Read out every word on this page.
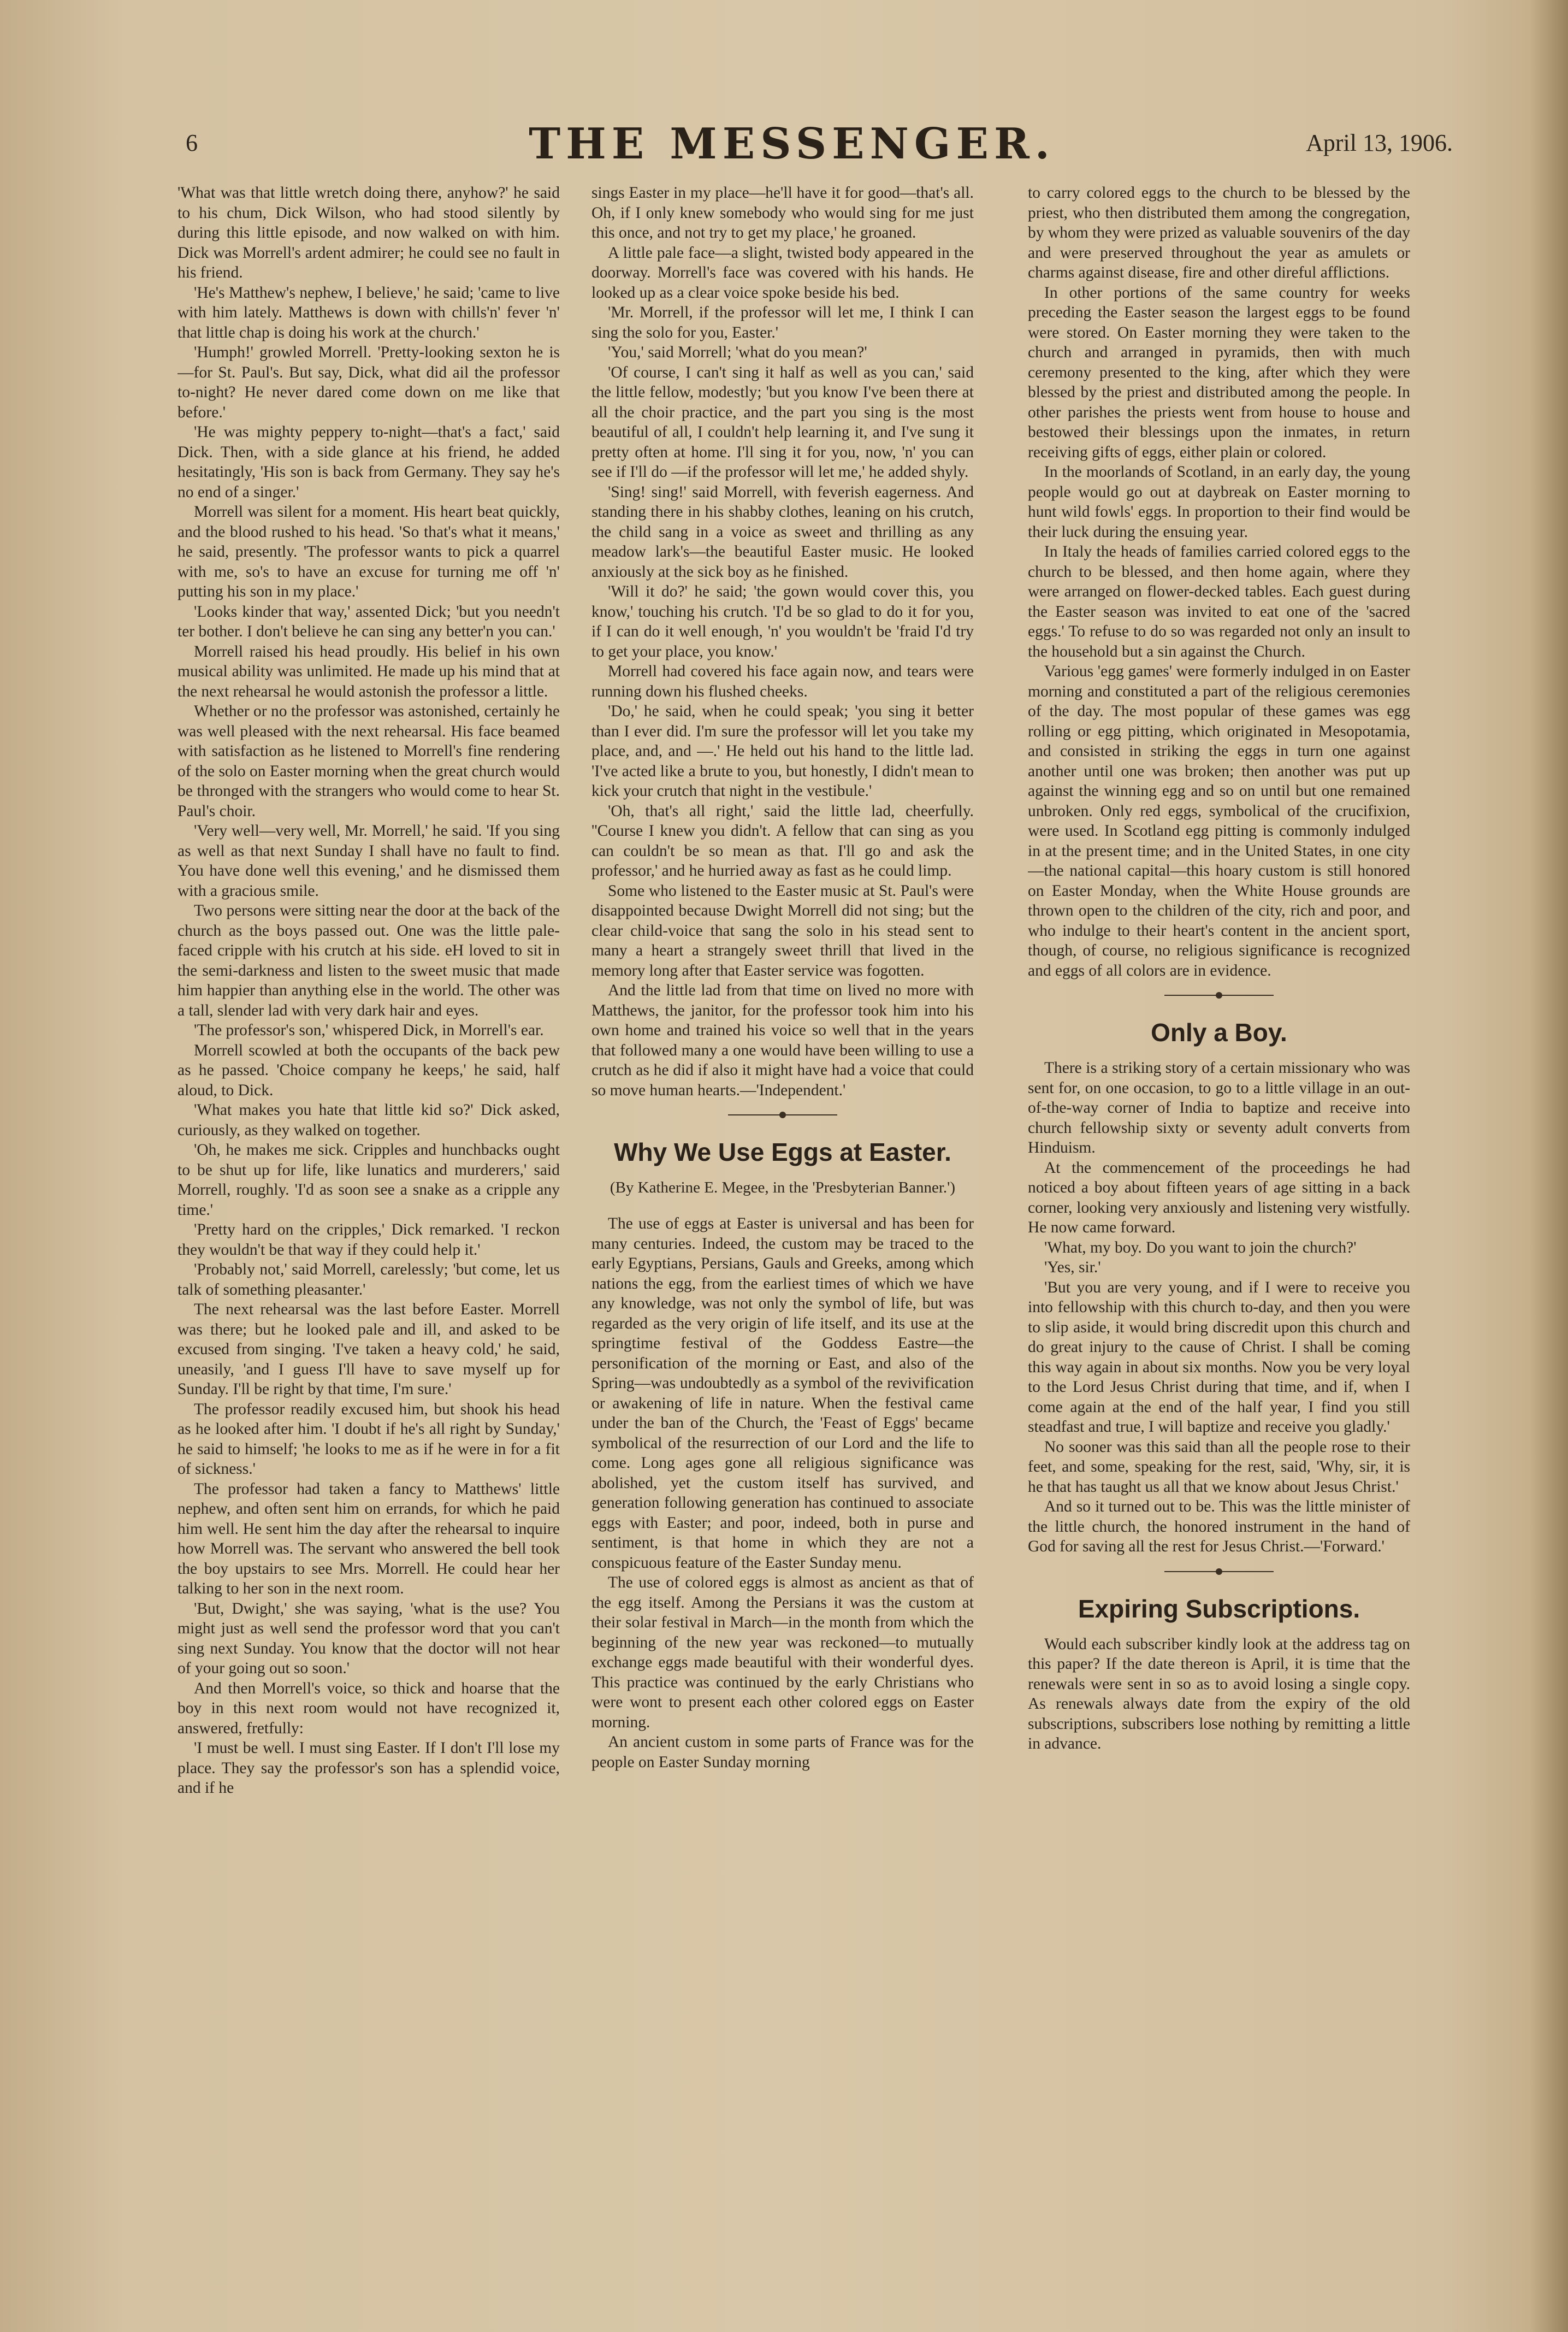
6	THE MESSENGER.	April 13, 1906.

'What was that little wretch doing there, anyhow?' he said to his chum, Dick Wilson, who had stood silently by during this little episode, and now walked on with him. Dick was Morrell's ardent admirer; he could see no fault in his friend.

'He's Matthew's nephew, I believe,' he said; 'came to live with him lately. Matthews is down with chills'n' fever 'n' that little chap is doing his work at the church.'

'Humph!' growled Morrell. 'Pretty-looking sexton he is—for St. Paul's. But say, Dick, what did ail the professor to-night? He never dared come down on me like that before.'

'He was mighty peppery to-night—that's a fact,' said Dick. Then, with a side glance at his friend, he added hesitatingly, 'His son is back from Germany. They say he's no end of a singer.'

Morrell was silent for a moment. His heart beat quickly, and the blood rushed to his head. 'So that's what it means,' he said, presently. 'The professor wants to pick a quarrel with me, so's to have an excuse for turning me off 'n' putting his son in my place.'

'Looks kinder that way,' assented Dick; 'but you needn't ter bother. I don't believe he can sing any better'n you can.'

Morrell raised his head proudly. His belief in his own musical ability was unlimited. He made up his mind that at the next rehearsal he would astonish the professor a little.

Whether or no the professor was astonished, certainly he was well pleased with the next rehearsal. His face beamed with satisfaction as he listened to Morrell's fine rendering of the solo on Easter morning when the great church would be thronged with the strangers who would come to hear St. Paul's choir.

'Very well—very well, Mr. Morrell,' he said. 'If you sing as well as that next Sunday I shall have no fault to find. You have done well this evening,' and he dismissed them with a gracious smile.

Two persons were sitting near the door at the back of the church as the boys passed out. One was the little pale-faced cripple with his crutch at his side. eH loved to sit in the semi-darkness and listen to the sweet music that made him happier than anything else in the world. The other was a tall, slender lad with very dark hair and eyes.

'The professor's son,' whispered Dick, in Morrell's ear.

Morrell scowled at both the occupants of the back pew as he passed. 'Choice company he keeps,' he said, half aloud, to Dick.

'What makes you hate that little kid so?' Dick asked, curiously, as they walked on together.

'Oh, he makes me sick. Cripples and hunchbacks ought to be shut up for life, like lunatics and murderers,' said Morrell, roughly. 'I'd as soon see a snake as a cripple any time.'

'Pretty hard on the cripples,' Dick remarked. 'I reckon they wouldn't be that way if they could help it.'

'Probably not,' said Morrell, carelessly; 'but come, let us talk of something pleasanter.'

The next rehearsal was the last before Easter. Morrell was there; but he looked pale and ill, and asked to be excused from singing. 'I've taken a heavy cold,' he said, uneasily, 'and I guess I'll have to save myself up for Sunday. I'll be right by that time, I'm sure.'

The professor readily excused him, but shook his head as he looked after him. 'I doubt if he's all right by Sunday,' he said to himself; 'he looks to me as if he were in for a fit of sickness.'

The professor had taken a fancy to Matthews' little nephew, and often sent him on errands, for which he paid him well. He sent him the day after the rehearsal to inquire how Morrell was. The servant who answered the bell took the boy upstairs to see Mrs. Morrell. He could hear her talking to her son in the next room.

'But, Dwight,' she was saying, 'what is the use? You might just as well send the professor word that you can't sing next Sunday. You know that the doctor will not hear of your going out so soon.'

And then Morrell's voice, so thick and hoarse that the boy in this next room would not have recognized it, answered, fretfully:

'I must be well. I must sing Easter. If I don't I'll lose my place. They say the professor's son has a splendid voice, and if he

sings Easter in my place—he'll have it for good—that's all. Oh, if I only knew somebody who would sing for me just this once, and not try to get my place,' he groaned.

A little pale face—a slight, twisted body appeared in the doorway. Morrell's face was covered with his hands. He looked up as a clear voice spoke beside his bed.

'Mr. Morrell, if the professor will let me, I think I can sing the solo for you, Easter.'

'You,' said Morrell; 'what do you mean?'

'Of course, I can't sing it half as well as you can,' said the little fellow, modestly; 'but you know I've been there at all the choir practice, and the part you sing is the most beautiful of all, I couldn't help learning it, and I've sung it pretty often at home. I'll sing it for you, now, 'n' you can see if I'll do —if the professor will let me,' he added shyly.

'Sing! sing!' said Morrell, with feverish eagerness. And standing there in his shabby clothes, leaning on his crutch, the child sang in a voice as sweet and thrilling as any meadow lark's—the beautiful Easter music. He looked anxiously at the sick boy as he finished.

'Will it do?' he said; 'the gown would cover this, you know,' touching his crutch. 'I'd be so glad to do it for you, if I can do it well enough, 'n' you wouldn't be 'fraid I'd try to get your place, you know.'

Morrell had covered his face again now, and tears were running down his flushed cheeks.

'Do,' he said, when he could speak; 'you sing it better than I ever did. I'm sure the professor will let you take my place, and, and —.' He held out his hand to the little lad. 'I've acted like a brute to you, but honestly, I didn't mean to kick your crutch that night in the vestibule.'

'Oh, that's all right,' said the little lad, cheerfully. ''Course I knew you didn't. A fellow that can sing as you can couldn't be so mean as that. I'll go and ask the professor,' and he hurried away as fast as he could limp.

Some who listened to the Easter music at St. Paul's were disappointed because Dwight Morrell did not sing; but the clear child-voice that sang the solo in his stead sent to many a heart a strangely sweet thrill that lived in the memory long after that Easter service was fogotten.

And the little lad from that time on lived no more with Matthews, the janitor, for the professor took him into his own home and trained his voice so well that in the years that followed many a one would have been willing to use a crutch as he did if also it might have had a voice that could so move human hearts.—'Independent.'

Why We Use Eggs at Easter.
(By Katherine E. Megee, in the 'Presbyterian Banner.')

The use of eggs at Easter is universal and has been for many centuries. Indeed, the custom may be traced to the early Egyptians, Persians, Gauls and Greeks, among which nations the egg, from the earliest times of which we have any knowledge, was not only the symbol of life, but was regarded as the very origin of life itself, and its use at the springtime festival of the Goddess Eastre—the personification of the morning or East, and also of the Spring—was undoubtedly as a symbol of the revivification or awakening of life in nature. When the festival came under the ban of the Church, the 'Feast of Eggs' became symbolical of the resurrection of our Lord and the life to come. Long ages gone all religious significance was abolished, yet the custom itself has survived, and generation following generation has continued to associate eggs with Easter; and poor, indeed, both in purse and sentiment, is that home in which they are not a conspicuous feature of the Easter Sunday menu.

The use of colored eggs is almost as ancient as that of the egg itself. Among the Persians it was the custom at their solar festival in March—in the month from which the beginning of the new year was reckoned—to mutually exchange eggs made beautiful with their wonderful dyes. This practice was continued by the early Christians who were wont to present each other colored eggs on Easter morning.

An ancient custom in some parts of France was for the people on Easter Sunday morning

to carry colored eggs to the church to be blessed by the priest, who then distributed them among the congregation, by whom they were prized as valuable souvenirs of the day and were preserved throughout the year as amulets or charms against disease, fire and other direful afflictions.

In other portions of the same country for weeks preceding the Easter season the largest eggs to be found were stored. On Easter morning they were taken to the church and arranged in pyramids, then with much ceremony presented to the king, after which they were blessed by the priest and distributed among the people. In other parishes the priests went from house to house and bestowed their blessings upon the inmates, in return receiving gifts of eggs, either plain or colored.

In the moorlands of Scotland, in an early day, the young people would go out at daybreak on Easter morning to hunt wild fowls' eggs. In proportion to their find would be their luck during the ensuing year.

In Italy the heads of families carried colored eggs to the church to be blessed, and then home again, where they were arranged on flower-decked tables. Each guest during the Easter season was invited to eat one of the 'sacred eggs.' To refuse to do so was regarded not only an insult to the household but a sin against the Church.

Various 'egg games' were formerly indulged in on Easter morning and constituted a part of the religious ceremonies of the day. The most popular of these games was egg rolling or egg pitting, which originated in Mesopotamia, and consisted in striking the eggs in turn one against another until one was broken; then another was put up against the winning egg and so on until but one remained unbroken. Only red eggs, symbolical of the crucifixion, were used. In Scotland egg pitting is commonly indulged in at the present time; and in the United States, in one city—the national capital—this hoary custom is still honored on Easter Monday, when the White House grounds are thrown open to the children of the city, rich and poor, and who indulge to their heart's content in the ancient sport, though, of course, no religious significance is recognized and eggs of all colors are in evidence.

Only a Boy.

There is a striking story of a certain missionary who was sent for, on one occasion, to go to a little village in an out-of-the-way corner of India to baptize and receive into church fellowship sixty or seventy adult converts from Hinduism.

At the commencement of the proceedings he had noticed a boy about fifteen years of age sitting in a back corner, looking very anxiously and listening very wistfully. He now came forward.

'What, my boy. Do you want to join the church?'

'Yes, sir.'

'But you are very young, and if I were to receive you into fellowship with this church to-day, and then you were to slip aside, it would bring discredit upon this church and do great injury to the cause of Christ. I shall be coming this way again in about six months. Now you be very loyal to the Lord Jesus Christ during that time, and if, when I come again at the end of the half year, I find you still steadfast and true, I will baptize and receive you gladly.'

No sooner was this said than all the people rose to their feet, and some, speaking for the rest, said, 'Why, sir, it is he that has taught us all that we know about Jesus Christ.'

And so it turned out to be. This was the little minister of the little church, the honored instrument in the hand of God for saving all the rest for Jesus Christ.—'Forward.'

Expiring Subscriptions.

Would each subscriber kindly look at the address tag on this paper? If the date thereon is April, it is time that the renewals were sent in so as to avoid losing a single copy. As renewals always date from the expiry of the old subscriptions, subscribers lose nothing by remitting a little in advance.
